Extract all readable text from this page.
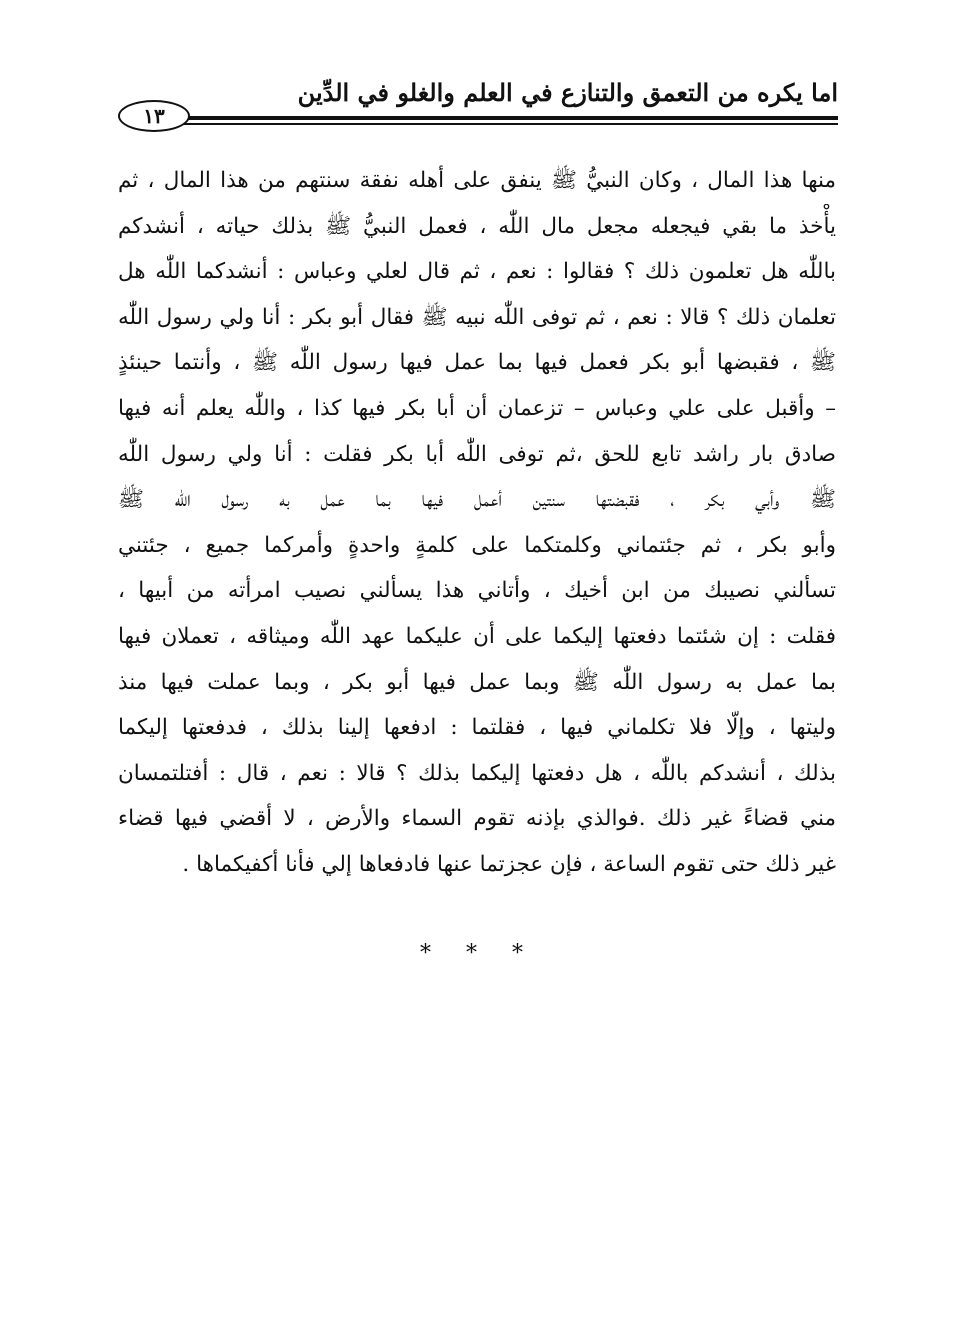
اما يكره من التعمق والتنازع في العلم والغلو في الدِّين
١٣
منها هذا المال ، وكان النبيُّ ﷺ ينفق على أهله نفقة سنتهم من هذا المال ، ثم
يأْخذ ما بقي فيجعله مجعل مال اللّٰه ، فعمل النبيُّ ﷺ بذلك حياته ، أنشدكم
باللّٰه هل تعلمون ذلك ؟ فقالوا : نعم ، ثم قال لعلي وعباس : أنشدكما اللّٰه هل
تعلمان ذلك ؟ قالا : نعم ، ثم توفى اللّٰه نبيه ﷺ فقال أبو بكر : أنا ولي رسول اللّٰه
ﷺ ، فقبضها أبو بكر فعمل فيها بما عمل فيها رسول اللّٰه ﷺ ، وأنتما حينئذٍ
– وأقبل على علي وعباس – تزعمان أن أبا بكر فيها كذا ، واللّٰه يعلم أنه فيها
صادق بار راشد تابع للحق ،ثم توفى اللّٰه أبا بكر فقلت : أنا ولي رسول اللّٰه
ﷺ وأبي بكر ، فقبضتها سنتين أعمل فيها بما عمل به رسول اللّٰه ﷺ
وأبو بكر ، ثم جئتماني وكلمتكما على كلمةٍ واحدةٍ وأمركما جميع ، جئتني
تسألني نصيبك من ابن أخيك ، وأتاني هذا يسألني نصيب امرأته من أبيها ،
فقلت : إن شئتما دفعتها إليكما على أن عليكما عهد اللّٰه وميثاقه ، تعملان فيها
بما عمل به رسول اللّٰه ﷺ وبما عمل فيها أبو بكر ، وبما عملت فيها منذ
وليتها ، وإلّا فلا تكلماني فيها ، فقلتما : ادفعها إلينا بذلك ، فدفعتها إليكما
بذلك ، أنشدكم باللّٰه ، هل دفعتها إليكما بذلك ؟ قالا : نعم ، قال : أفتلتمسان
مني قضاءً غير ذلك .فوالذي بإذنه تقوم السماء والأرض ، لا أقضي فيها قضاء
غير ذلك حتى تقوم الساعة ، فإن عجزتما عنها فادفعاها إلي فأنا أكفيكماها .
* * *
